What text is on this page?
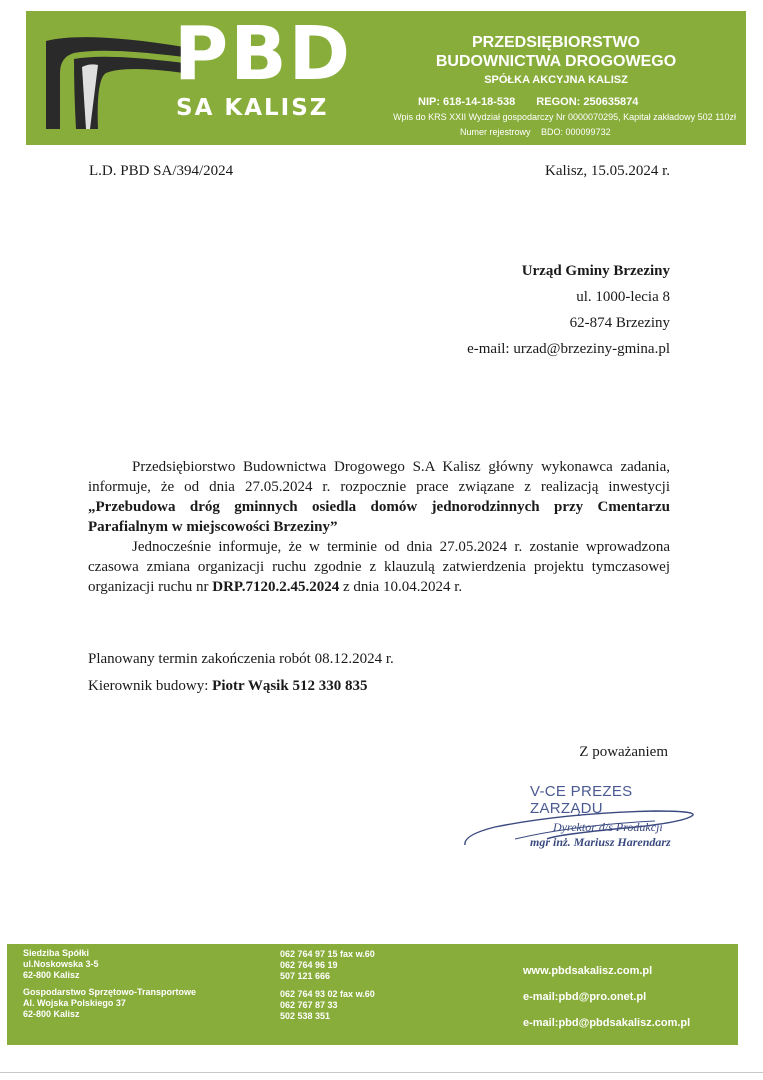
PBD
SA KALISZ
PRZEDSIĘBIORSTWO
BUDOWNICTWA DROGOWEGO
SPÓŁKA AKCYJNA KALISZ
NIP: 618-14-18-538 REGON: 250635874
Wpis do KRS XXII Wydział gospodarczy Nr 0000070295, Kapitał zakładowy 502 110zł
Numer rejestrowy BDO: 000099732
L.D. PBD SA/394/2024	Kalisz, 15.05.2024 r.
Urząd Gminy Brzeziny
ul. 1000-lecia 8
62-874 Brzeziny
e-mail: urzad@brzeziny-gmina.pl

Przedsiębiorstwo Budownictwa Drogowego S.A Kalisz główny wykonawca zadania, informuje, że od dnia 27.05.2024 r. rozpocznie prace związane z realizacją inwestycji „Przebudowa dróg gminnych osiedla domów jednorodzinnych przy Cmentarzu Parafialnym w miejscowości Brzeziny”

Jednocześnie informuje, że w terminie od dnia 27.05.2024 r. zostanie wprowadzona czasowa zmiana organizacji ruchu zgodnie z klauzulą zatwierdzenia projektu tymczasowej organizacji ruchu nr DRP.7120.2.45.2024 z dnia 10.04.2024 r.

Planowany termin zakończenia robót 08.12.2024 r.
Kierownik budowy: Piotr Wąsik 512 330 835
Z poważaniem
V-CE PREZES ZARZĄDU
Dyrektor d/s Produkcji
mgr inż. Mariusz Harendarz
Siedziba Spółki
ul.Noskowska 3-5
62-800 Kalisz
Gospodarstwo Sprzętowo-Transportowe
Al. Wojska Polskiego 37
62-800 Kalisz
062 764 97 15 fax w.60
062 764 96 19
507 121 666
062 764 93 02 fax w.60
062 767 87 33
502 538 351
www.pbdsakalisz.com.pl
e-mail:pbd@pro.onet.pl
e-mail:pbd@pbdsakalisz.com.pl
